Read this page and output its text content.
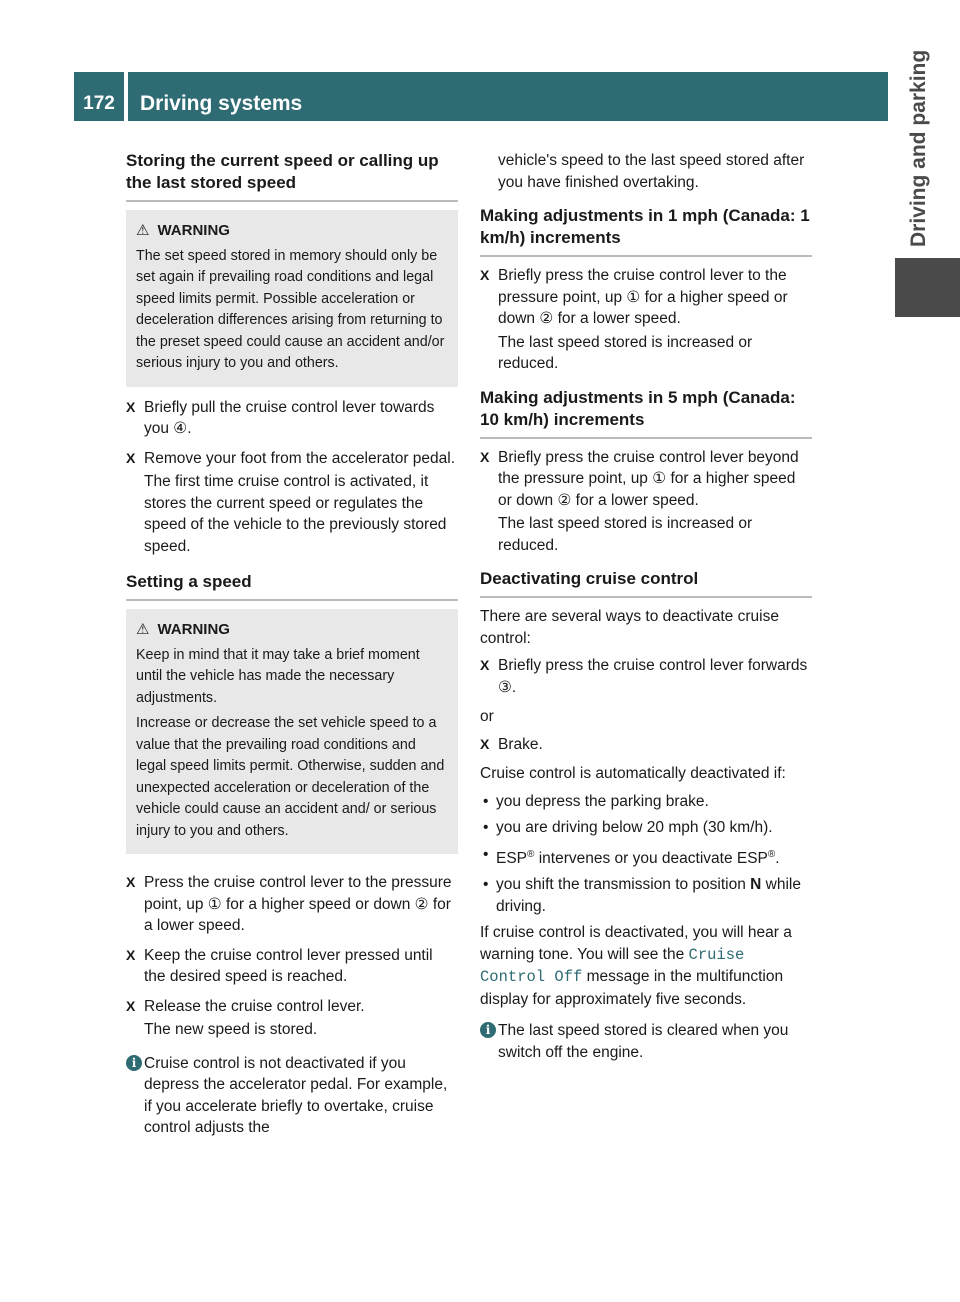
172	Driving systems	Driving and parking
Storing the current speed or calling up the last stored speed
⚠ WARNING

The set speed stored in memory should only be set again if prevailing road conditions and legal speed limits permit. Possible acceleration or deceleration differences arising from returning to the preset speed could cause an accident and/or serious injury to you and others.

X Briefly pull the cruise control lever towards you ④.
X Remove your foot from the accelerator pedal.

The first time cruise control is activated, it stores the current speed or regulates the speed of the vehicle to the previously stored speed.

Setting a speed
⚠ WARNING

Keep in mind that it may take a brief moment until the vehicle has made the necessary adjustments.

Increase or decrease the set vehicle speed to a value that the prevailing road conditions and legal speed limits permit. Otherwise, sudden and unexpected acceleration or deceleration of the vehicle could cause an accident and/ or serious injury to you and others.

X Press the cruise control lever to the pressure point, up ① for a higher speed or down ② for a lower speed.
X Keep the cruise control lever pressed until the desired speed is reached.
X Release the cruise control lever.

The new speed is stored.

i Cruise control is not deactivated if you depress the accelerator pedal. For example, if you accelerate briefly to overtake, cruise control adjusts the

vehicle's speed to the last speed stored after you have finished overtaking.

Making adjustments in 1 mph (Canada: 1 km/h) increments
X Briefly press the cruise control lever to the pressure point, up ① for a higher speed or down ② for a lower speed.

The last speed stored is increased or reduced.

Making adjustments in 5 mph (Canada: 10 km/h) increments
X Briefly press the cruise control lever beyond the pressure point, up ① for a higher speed or down ② for a lower speed.

The last speed stored is increased or reduced.

Deactivating cruise control

There are several ways to deactivate cruise control:

X Briefly press the cruise control lever forwards ③.

or

X Brake.

Cruise control is automatically deactivated if:

• you depress the parking brake.
• you are driving below 20 mph (30 km/h).
• ESP® intervenes or you deactivate ESP®.
• you shift the transmission to position N while driving.

If cruise control is deactivated, you will hear a warning tone. You will see the Cruise Control Off message in the multifunction display for approximately five seconds.

i The last speed stored is cleared when you switch off the engine.
